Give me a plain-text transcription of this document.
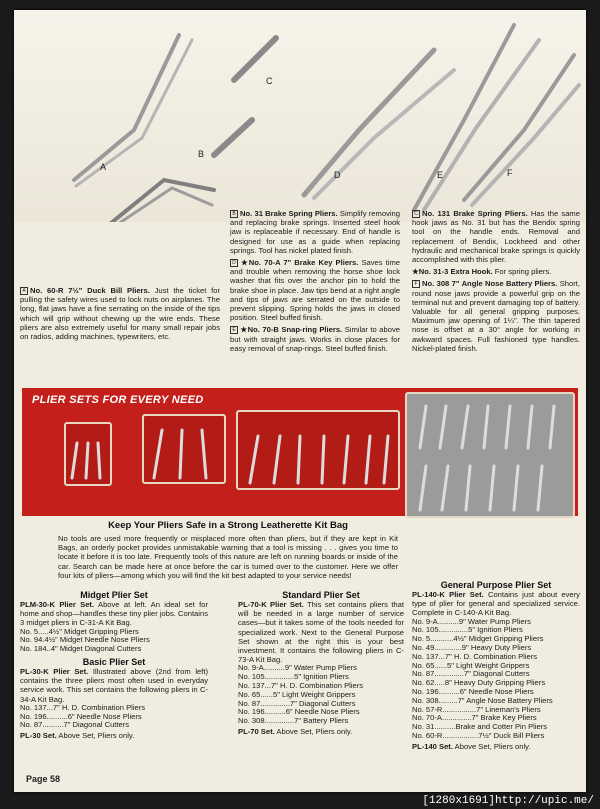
A
B
C
D	E	F

A No. 60-R 7½" Duck Bill Pliers. Just the ticket for pulling the safety wires used to lock nuts on airplanes. The long, flat jaws have a fine serrating on the inside of the tips which will grip without chewing up the wire ends. These pliers are also extremely useful for many small repair jobs on radios, adding machines, typewriters, etc.

B No. 31 Brake Spring Pliers. Simplify removing and replacing brake springs. Inserted steel hook jaw is replaceable if necessary. End of handle is designed for use as a guide when replacing springs. Tool has nickel plated finish.

D ★No. 70-A 7" Brake Key Pliers. Saves time and trouble when removing the horse shoe lock washer that fits over the anchor pin to hold the brake shoe in place. Jaw tips bend at a right angle and tips of jaws are serrated on the outside to prevent slipping. Spring holds the jaws in closed position. Steel buffed finish.

E ★No. 70-B Snap-ring Pliers. Similar to above but with straight jaws. Works in close places for easy removal of snap-rings. Steel buffed finish.

C No. 131 Brake Spring Pliers. Has the same hook jaws as No. 31 but has the Bendix spring tool on the handle ends. Removal and replacement of Bendix, Lockheed and other hydraulic and mechanical brake springs is quickly accomplished with this plier.

★No. 31-3 Extra Hook. For spring pliers.

F No. 308 7" Angle Nose Battery Pliers. Short, round nose jaws provide a powerful grip on the terminal nut and prevent damaging top of battery. Valuable for all general gripping purposes. Maximum jaw opening of 1¼". The thin tapered nose is offset at a 30° angle for working in awkward spaces. Full fashioned type handles. Nickel-plated finish.

PLIER SETS FOR EVERY NEED
Keep Your Pliers Safe in a Strong Leatherette Kit Bag
No tools are used more frequently or misplaced more often than pliers, but if they are kept in Kit Bags, an orderly pocket provides unmistakable warning that a tool is missing . . . gives you time to locate it before it is too late. Frequently tools of this nature are left on running boards or inside of the car. Search can be made here at once before the car is turned over to the customer. Here we offer four kits of pliers—among which you will find the kit best adapted to your service needs!
Midget Plier Set
PLM-30-K Plier Set. Above at left. An ideal set for home and shop—handles these tiny plier jobs. Contains 3 midget pliers in C-31-A Kit Bag.
No. 5.....4½" Midget Gripping Pliers
No. 94.4½" Midget Needle Nose Pliers
No. 184..4" Midget Diagonal Cutters
Basic Plier Set
PL-30-K Plier Set. Illustrated above (2nd from left) contains the three pliers most often used in everyday service work. This set contains the following pliers in C-34-A Kit Bag.
No. 137...7" H. D. Combination Pliers
No. 196..........6" Needle Nose Pliers
No. 87..........7" Diagonal Cutters
PL-30 Set. Above Set, Pliers only.
Standard Plier Set
PL-70-K Plier Set. This set contains pliers that will be needed in a large number of service cases—but it takes some of the tools needed for specialized work. Next to the General Purpose Set shown at the right this is your best investment. It contains the following pliers in C-73-A Kit Bag.
No. 9-A..........9" Water Pump Pliers
No. 105..............5" Ignition Pliers
No. 137...7" H. D. Combination Pliers
No. 65......5" Light Weight Grippers
No. 87..............7" Diagonal Cutters
No. 196..........6" Needle Nose Pliers
No. 308..............7" Battery Pliers
PL-70 Set. Above Set, Pliers only.
General Purpose Plier Set
PL-140-K Plier Set. Contains just about every type of plier for general and specialized service. Complete in C-140-A Kit Bag.
No. 9-A..........9" Water Pump Pliers
No. 105..............5" Ignition Pliers
No. 5...........4½" Midget Gripping Pliers
No. 49.............9" Heavy Duty Pliers
No. 137...7" H. D. Combination Pliers
No. 65......5" Light Weight Grippers
No. 87..............7" Diagonal Cutters
No. 62.....8" Heavy Duty Gripping Pliers
No. 196..........6" Needle Nose Pliers
No. 308.........7" Angle Nose Battery Pliers
No. 57-R................7" Lineman's Pliers
No. 70-A..............7" Brake Key Pliers
No. 31..........Brake and Cotter Pin Pliers
No. 60-R.................7½" Duck Bill Pliers
PL-140 Set. Above Set, Pliers only.
Page 58
[1280x1691]http://upic.me/
